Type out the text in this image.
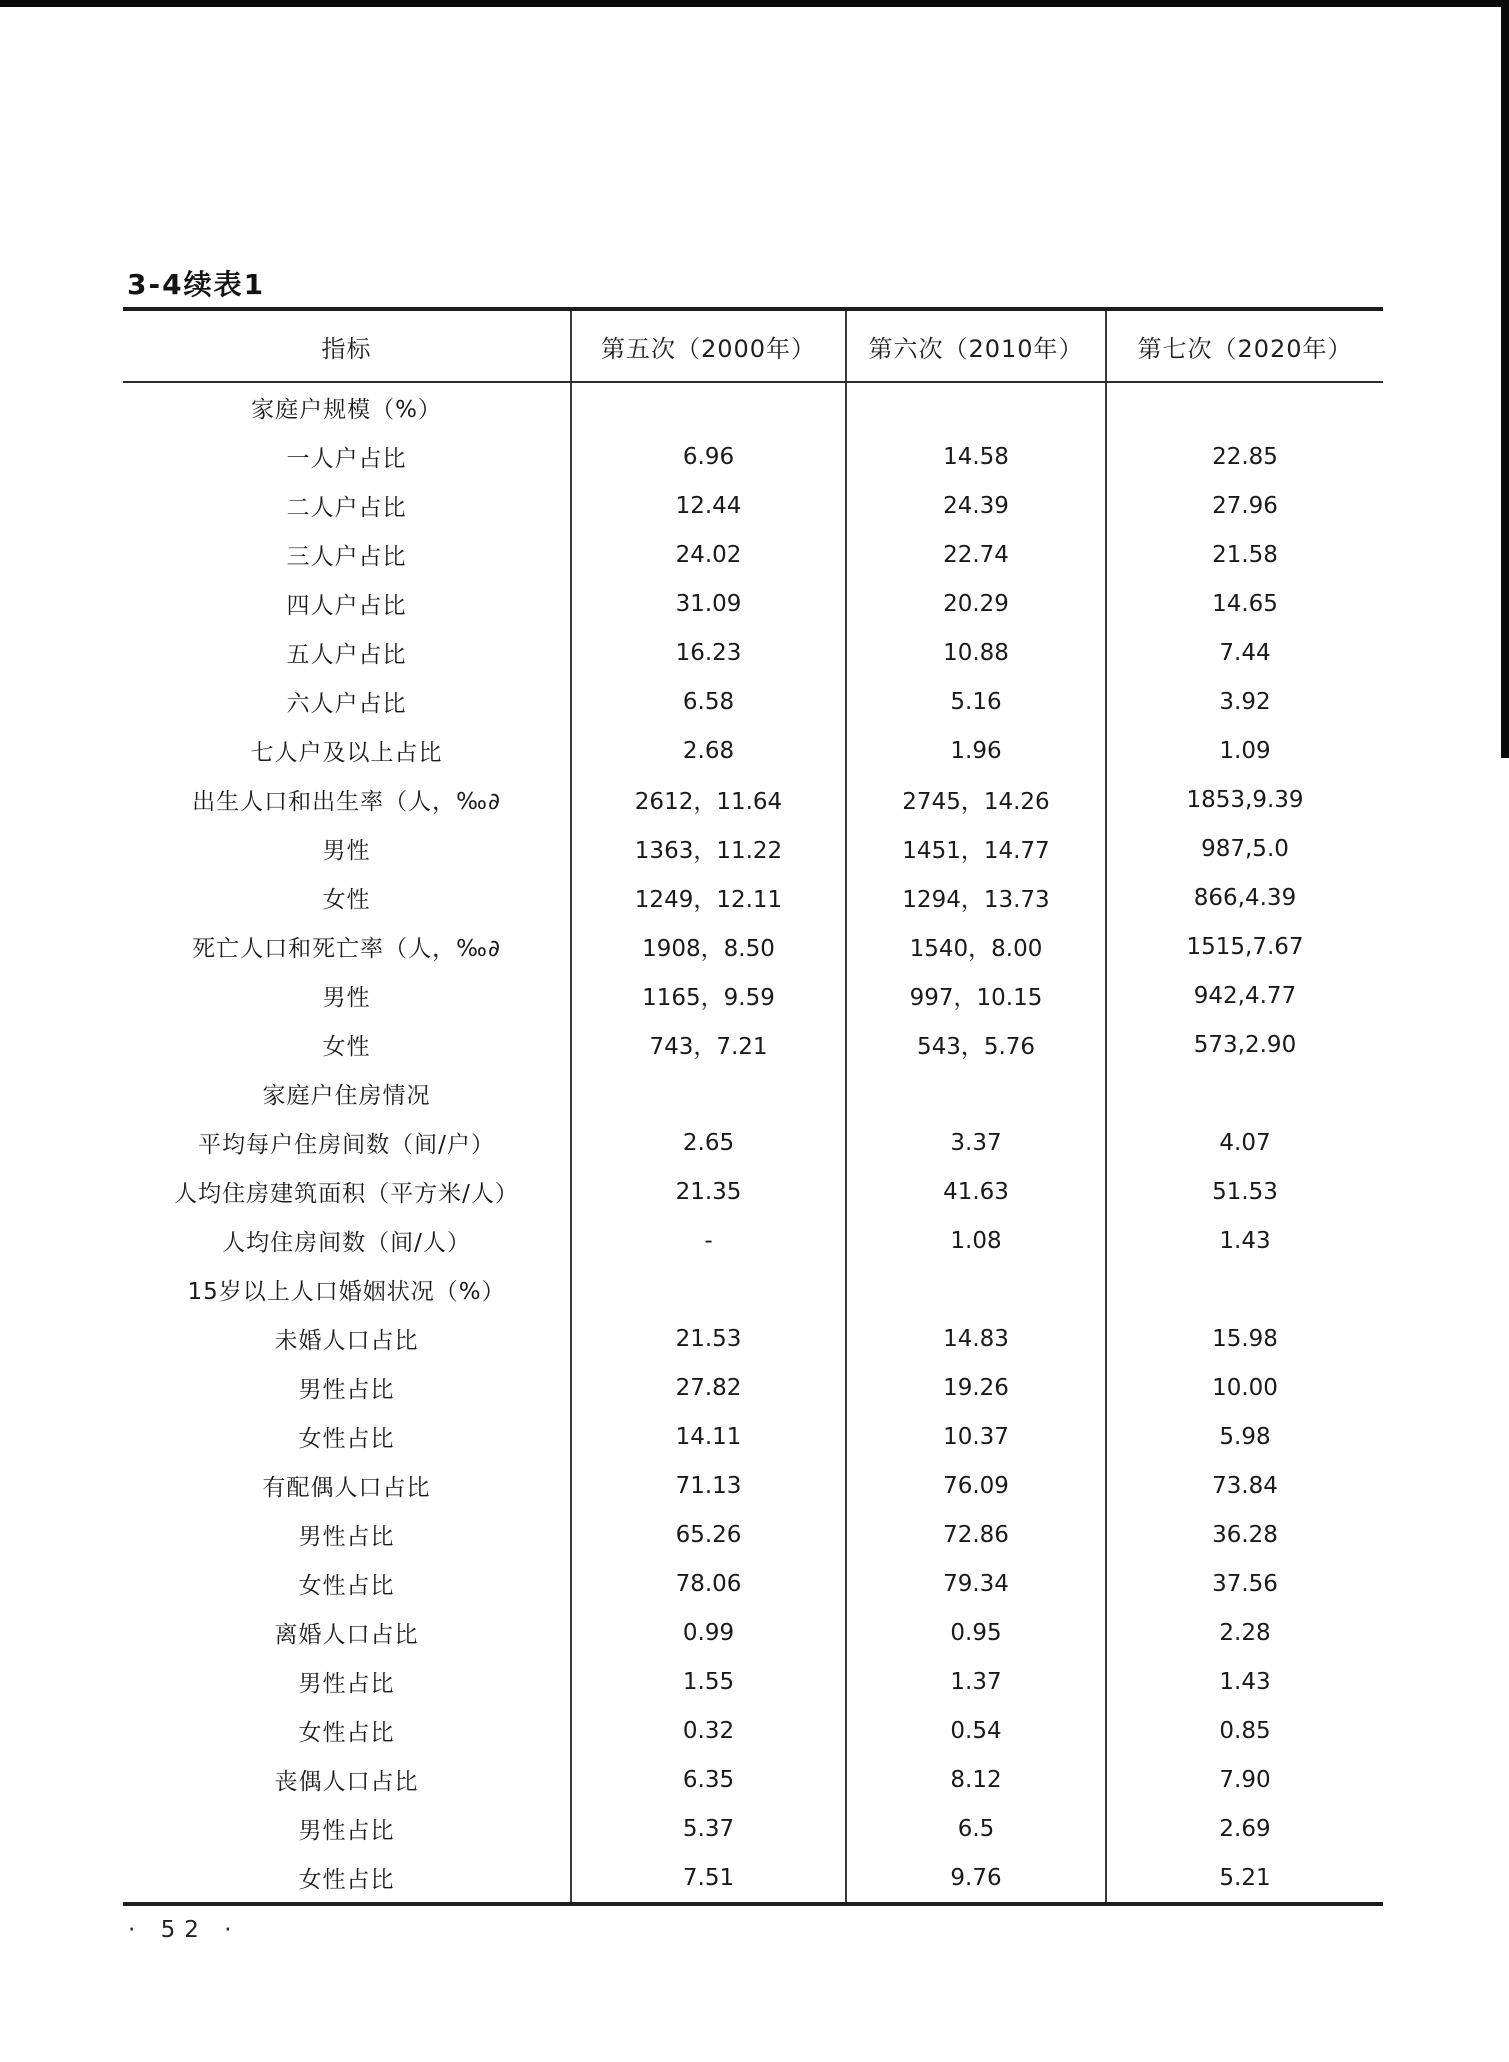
3-4续表1
指标	第五次（2000年）	第六次（2010年）	第七次（2020年）
家庭户规模（%）
一人户占比	6.96	14.58	22.85
二人户占比	12.44	24.39	27.96
三人户占比	24.02	22.74	21.58
四人户占比	31.09	20.29	14.65
五人户占比	16.23	10.88	7.44
六人户占比	6.58	5.16	3.92
七人户及以上占比	2.68	1.96	1.09
出生人口和出生率（人，‰∂	2612，11.64	2745，14.26	1853,9.39
男性	1363，11.22	1451，14.77	987,5.0
女性	1249，12.11	1294，13.73	866,4.39
死亡人口和死亡率（人，‰∂	1908，8.50	1540，8.00	1515,7.67
男性	1165，9.59	997，10.15	942,4.77
女性	743，7.21	543，5.76	573,2.90
家庭户住房情况
平均每户住房间数（间/户）	2.65	3.37	4.07
人均住房建筑面积（平方米/人）	21.35	41.63	51.53
人均住房间数（间/人）	-	1.08	1.43
15岁以上人口婚姻状况（%）
未婚人口占比	21.53	14.83	15.98
男性占比	27.82	19.26	10.00
女性占比	14.11	10.37	5.98
有配偶人口占比	71.13	76.09	73.84
男性占比	65.26	72.86	36.28
女性占比	78.06	79.34	37.56
离婚人口占比	0.99	0.95	2.28
男性占比	1.55	1.37	1.43
女性占比	0.32	0.54	0.85
丧偶人口占比	6.35	8.12	7.90
男性占比	5.37	6.5	2.69
女性占比	7.51	9.76	5.21
· 52 ·
